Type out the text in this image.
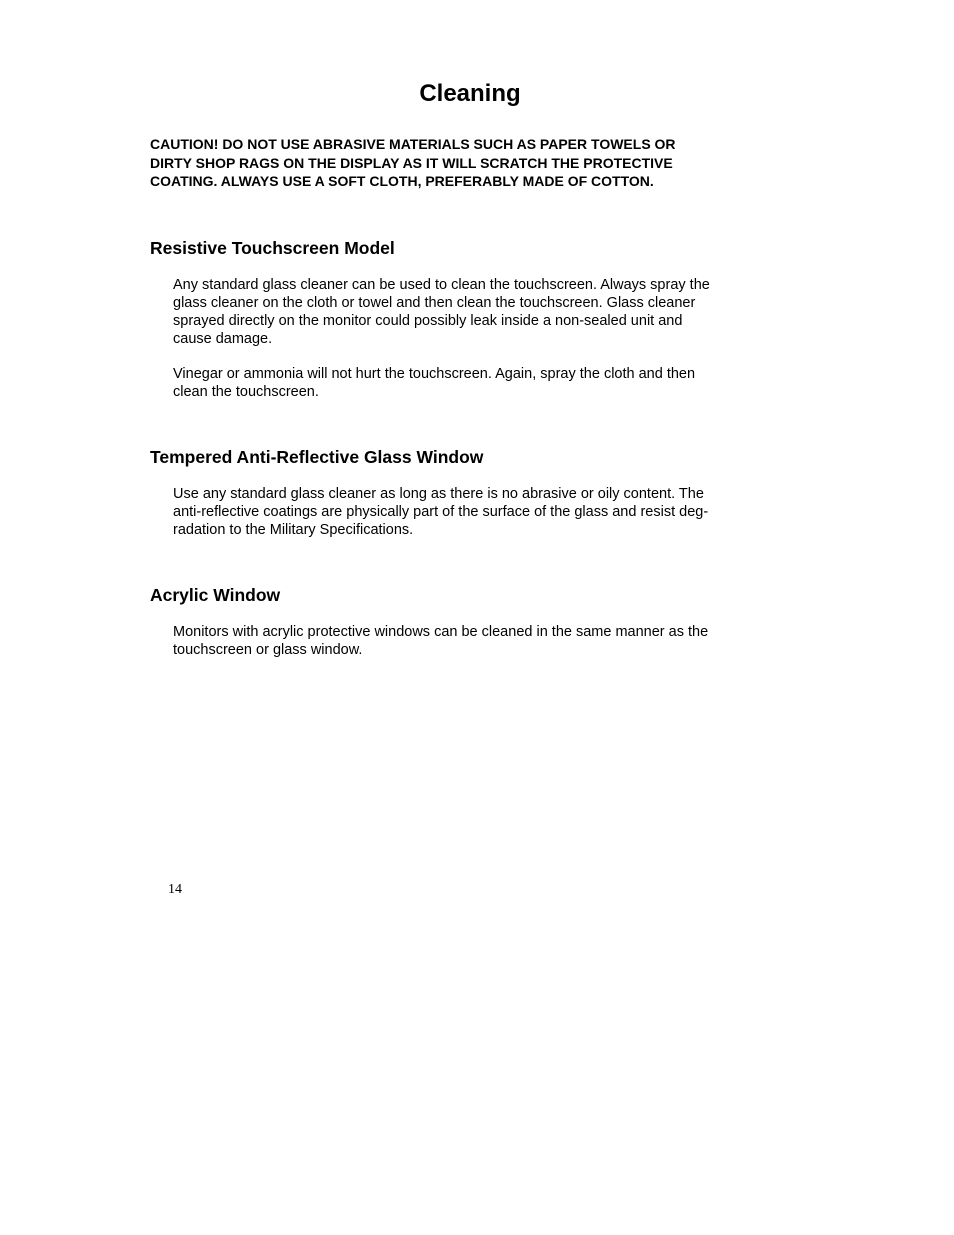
Cleaning

CAUTION! DO NOT USE ABRASIVE MATERIALS SUCH AS PAPER TOWELS OR
DIRTY SHOP RAGS ON THE DISPLAY AS IT WILL SCRATCH THE PROTECTIVE
COATING. ALWAYS USE A SOFT CLOTH, PREFERABLY MADE OF COTTON.

Resistive Touchscreen Model

Any standard glass cleaner can be used to clean the touchscreen. Always spray the
glass cleaner on the cloth or towel and then clean the touchscreen. Glass cleaner
sprayed directly on the monitor could possibly leak inside a non-sealed unit and
cause damage.

Vinegar or ammonia will not hurt the touchscreen. Again, spray the cloth and then
clean the touchscreen.

Tempered Anti-Reflective Glass Window

Use any standard glass cleaner as long as there is no abrasive or oily content. The
anti-reflective coatings are physically part of the surface of the glass and resist deg-
radation to the Military Specifications.

Acrylic Window

Monitors with acrylic protective windows can be cleaned in the same manner as the
touchscreen or glass window.

14
